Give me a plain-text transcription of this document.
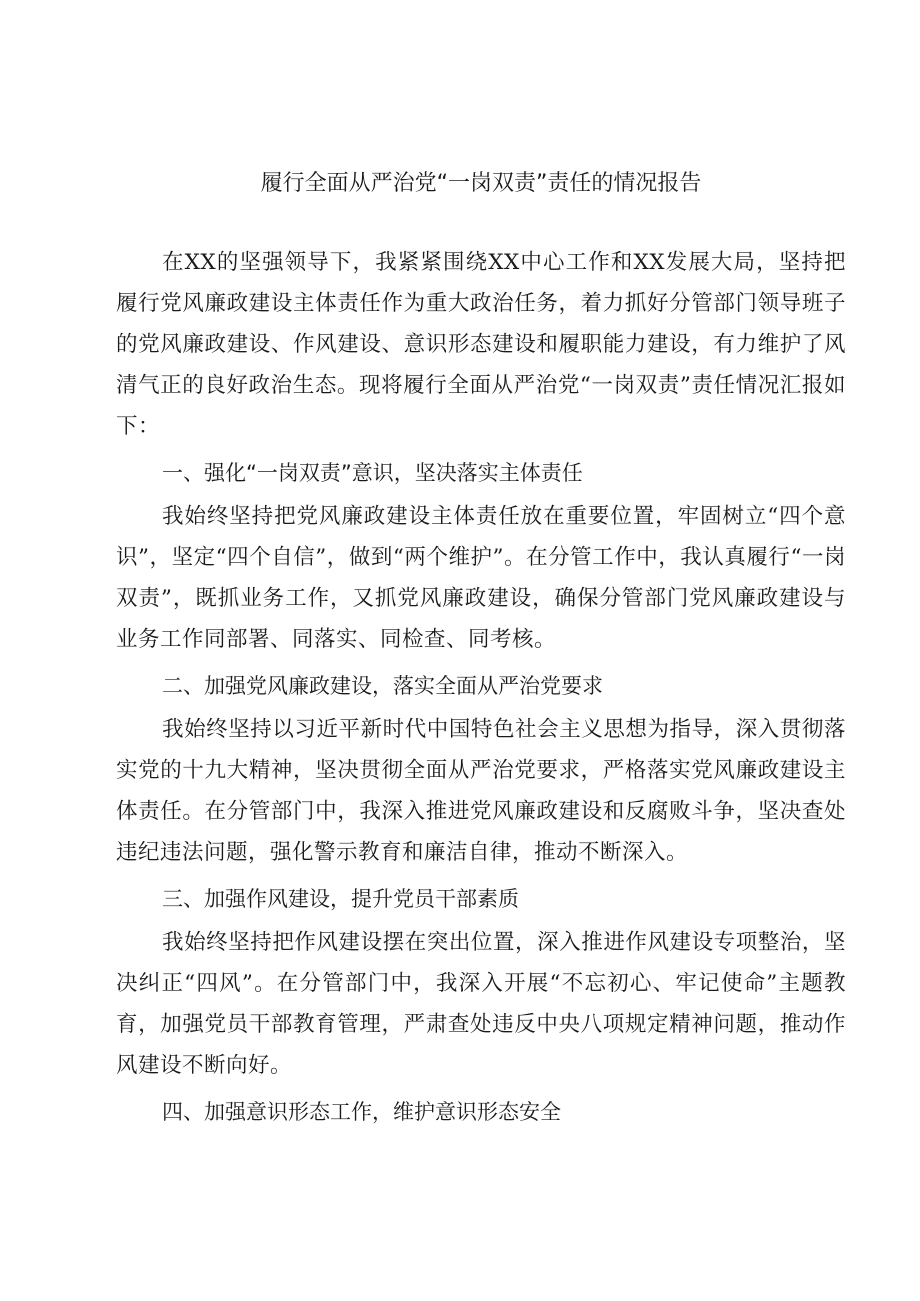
履行全面从严治党“一岗双责”责任的情况报告

在XX的坚强领导下，我紧紧围绕XX中心工作和XX发展大局，坚持把履行党风廉政建设主体责任作为重大政治任务，着力抓好分管部门领导班子的党风廉政建设、作风建设、意识形态建设和履职能力建设，有力维护了风清气正的良好政治生态。现将履行全面从严治党“一岗双责”责任情况汇报如下：

一、强化“一岗双责”意识，坚决落实主体责任

我始终坚持把党风廉政建设主体责任放在重要位置，牢固树立“四个意识”，坚定“四个自信”，做到“两个维护”。在分管工作中，我认真履行“一岗双责”，既抓业务工作，又抓党风廉政建设，确保分管部门党风廉政建设与业务工作同部署、同落实、同检查、同考核。

二、加强党风廉政建设，落实全面从严治党要求

我始终坚持以习近平新时代中国特色社会主义思想为指导，深入贯彻落实党的十九大精神，坚决贯彻全面从严治党要求，严格落实党风廉政建设主体责任。在分管部门中，我深入推进党风廉政建设和反腐败斗争，坚决查处违纪违法问题，强化警示教育和廉洁自律，推动不断深入。

三、加强作风建设，提升党员干部素质

我始终坚持把作风建设摆在突出位置，深入推进作风建设专项整治，坚决纠正“四风”。在分管部门中，我深入开展“不忘初心、牢记使命”主题教育，加强党员干部教育管理，严肃查处违反中央八项规定精神问题，推动作风建设不断向好。

四、加强意识形态工作，维护意识形态安全
